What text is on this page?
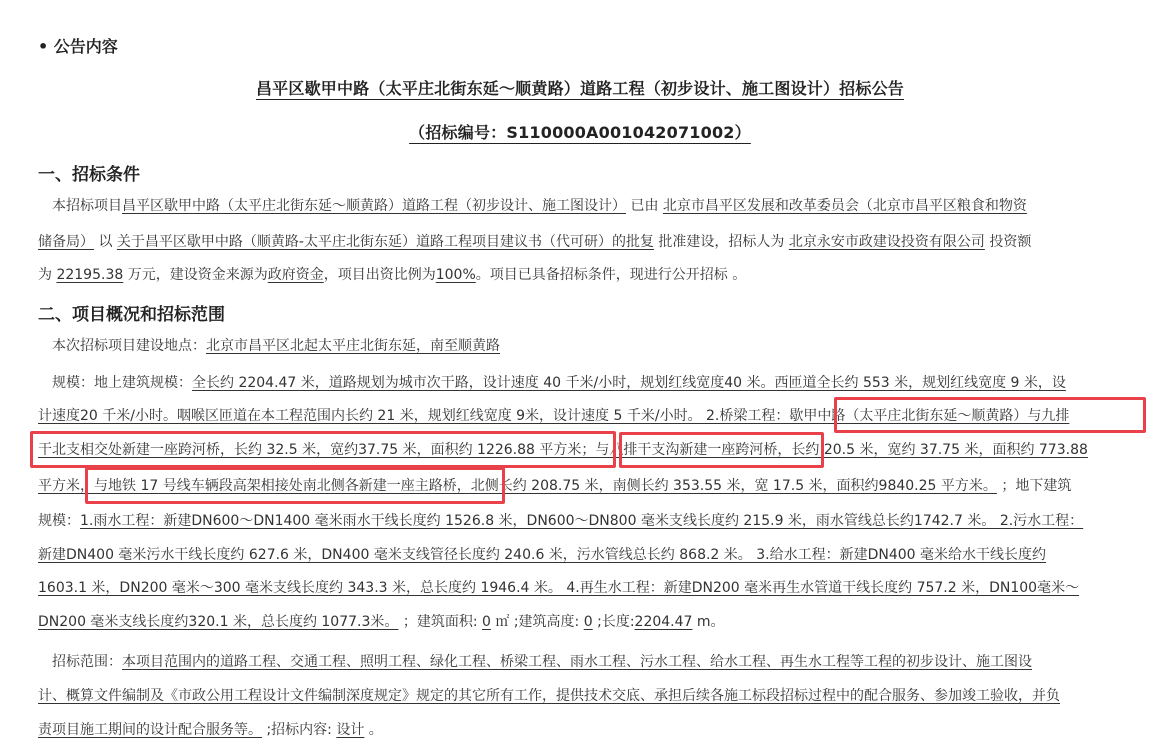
• 公告内容
昌平区歇甲中路（太平庄北街东延～顺黄路）道路工程（初步设计、施工图设计）招标公告
（招标编号：S110000A001042071002）
一、招标条件
　本招标项目昌平区歇甲中路（太平庄北街东延～顺黄路）道路工程（初步设计、施工图设计） 已由 北京市昌平区发展和改革委员会（北京市昌平区粮食和物资
储备局） 以 关于昌平区歇甲中路（顺黄路-太平庄北街东延）道路工程项目建议书（代可研）的批复 批准建设，招标人为 北京永安市政建设投资有限公司 投资额
为 22195.38 万元，建设资金来源为政府资金，项目出资比例为100%。项目已具备招标条件，现进行公开招标 。
二、项目概况和招标范围
　本次招标项目建设地点：北京市昌平区北起太平庄北街东延，南至顺黄路
　规模：地上建筑规模：全长约 2204.47 米，道路规划为城市次干路，设计速度 40 千米/小时，规划红线宽度40 米。西匝道全长约 553 米，规划红线宽度 9 米，设
计速度20 千米/小时。咽喉区匝道在本工程范围内长约 21 米，规划红线宽度 9米，设计速度 5 千米/小时。 2.桥梁工程：歇甲中路（太平庄北街东延～顺黄路）与九排
干北支相交处新建一座跨河桥，长约 32.5 米，宽约37.75 米，面积约 1226.88 平方米；与八排干支沟新建一座跨河桥，长约 20.5 米，宽约 37.75 米，面积约 773.88
平方米，与地铁 17 号线车辆段高架相接处南北侧各新建一座主路桥，北侧长约 208.75 米，南侧长约 353.55 米，宽 17.5 米，面积约9840.25 平方米。 ；地下建筑
规模：1.雨水工程：新建DN600～DN1400 毫米雨水干线长度约 1526.8 米，DN600～DN800 毫米支线长度约 215.9 米，雨水管线总长约1742.7 米。 2.污水工程：
新建DN400 毫米污水干线长度约 627.6 米，DN400 毫米支线管径长度约 240.6 米，污水管线总长约 868.2 米。 3.给水工程：新建DN400 毫米给水干线长度约
1603.1 米，DN200 毫米～300 毫米支线长度约 343.3 米，总长度约 1946.4 米。 4.再生水工程：新建DN200 毫米再生水管道干线长度约 757.2 米，DN100毫米～
DN200 毫米支线长度约320.1 米，总长度约 1077.3米。 ；建筑面积: 0 ㎡ ;建筑高度: 0 ;长度:2204.47 m。
　招标范围：本项目范围内的道路工程、交通工程、照明工程、绿化工程、桥梁工程、雨水工程、污水工程、给水工程、再生水工程等工程的初步设计、施工图设
计、概算文件编制及《市政公用工程设计文件编制深度规定》规定的其它所有工作，提供技术交底、承担后续各施工标段招标过程中的配合服务、参加竣工验收，并负
责项目施工期间的设计配合服务等。 ;招标内容: 设计 。
